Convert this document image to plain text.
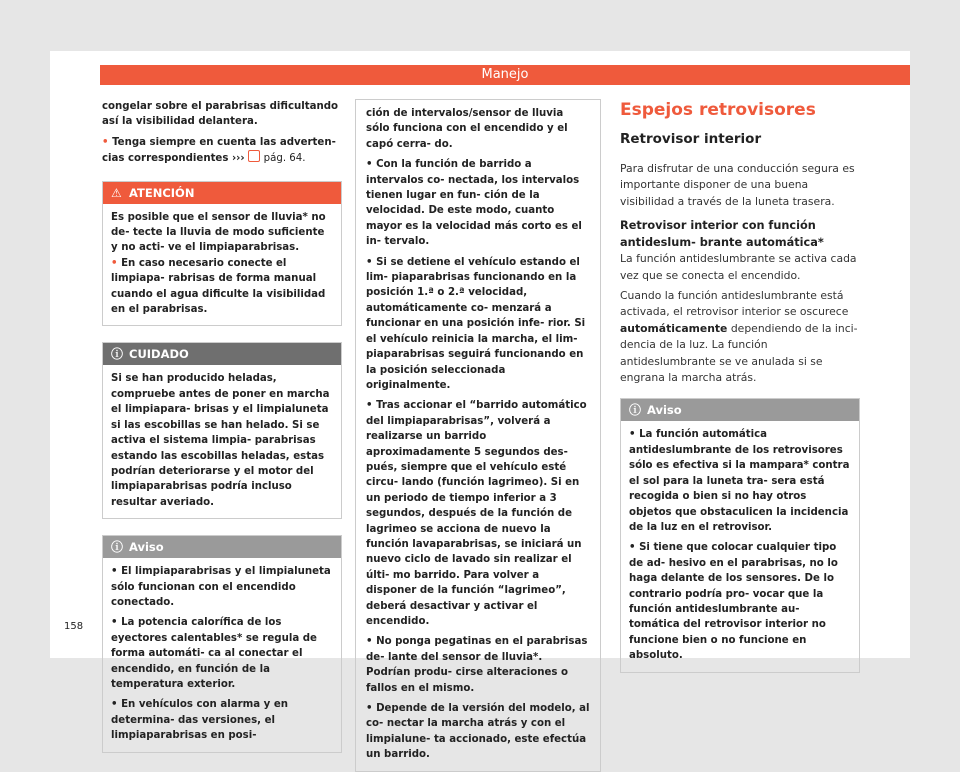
Manejo

congelar sobre el parabrisas dificultando así la visibilidad delantera.

• Tenga siempre en cuenta las adverten- cias correspondientes ››› pág. 64.

⚠ ATENCIÓN

Es posible que el sensor de lluvia* no de- tecte la lluvia de modo suficiente y no acti- ve el limpiaparabrisas.

• En caso necesario conecte el limpiapa- rabrisas de forma manual cuando el agua dificulte la visibilidad en el parabrisas.

ⓘ CUIDADO

Si se han producido heladas, compruebe antes de poner en marcha el limpiapara- brisas y el limpialuneta si las escobillas se han helado. Si se activa el sistema limpia- parabrisas estando las escobillas heladas, estas podrían deteriorarse y el motor del limpiaparabrisas podría incluso resultar averiado.

ⓘ Aviso

• El limpiaparabrisas y el limpialuneta sólo funcionan con el encendido conectado.

• La potencia calorífica de los eyectores calentables* se regula de forma automáti- ca al conectar el encendido, en función de la temperatura exterior.

• En vehículos con alarma y en determina- das versiones, el limpiaparabrisas en posi-

ción de intervalos/sensor de lluvia sólo funciona con el encendido y el capó cerra- do.

• Con la función de barrido a intervalos co- nectada, los intervalos tienen lugar en fun- ción de la velocidad. De este modo, cuanto mayor es la velocidad más corto es el in- tervalo.

• Si se detiene el vehículo estando el lim- piaparabrisas funcionando en la posición 1.ª o 2.ª velocidad, automáticamente co- menzará a funcionar en una posición infe- rior. Si el vehículo reinicia la marcha, el lim- piaparabrisas seguirá funcionando en la posición seleccionada originalmente.

• Tras accionar el “barrido automático del limpiaparabrisas”, volverá a realizarse un barrido aproximadamente 5 segundos des- pués, siempre que el vehículo esté circu- lando (función lagrimeo). Si en un periodo de tiempo inferior a 3 segundos, después de la función de lagrimeo se acciona de nuevo la función lavaparabrisas, se iniciará un nuevo ciclo de lavado sin realizar el últi- mo barrido. Para volver a disponer de la función “lagrimeo”, deberá desactivar y activar el encendido.

• No ponga pegatinas en el parabrisas de- lante del sensor de lluvia*. Podrían produ- cirse alteraciones o fallos en el mismo.

• Depende de la versión del modelo, al co- nectar la marcha atrás y con el limpialune- ta accionado, este efectúa un barrido.

Espejos retrovisores

Retrovisor interior

Para disfrutar de una conducción segura es importante disponer de una buena visibilidad a través de la luneta trasera.

Retrovisor interior con función antideslum- brante automática*

La función antideslumbrante se activa cada vez que se conecta el encendido.

Cuando la función antideslumbrante está activada, el retrovisor interior se oscurece automáticamente dependiendo de la inci- dencia de la luz. La función antideslumbrante se ve anulada si se engrana la marcha atrás.

ⓘ Aviso

• La función automática antideslumbrante de los retrovisores sólo es efectiva si la mampara* contra el sol para la luneta tra- sera está recogida o bien si no hay otros objetos que obstaculicen la incidencia de la luz en el retrovisor.

• Si tiene que colocar cualquier tipo de ad- hesivo en el parabrisas, no lo haga delante de los sensores. De lo contrario podría pro- vocar que la función antideslumbrante au- tomática del retrovisor interior no funcione bien o no funcione en absoluto.

158
